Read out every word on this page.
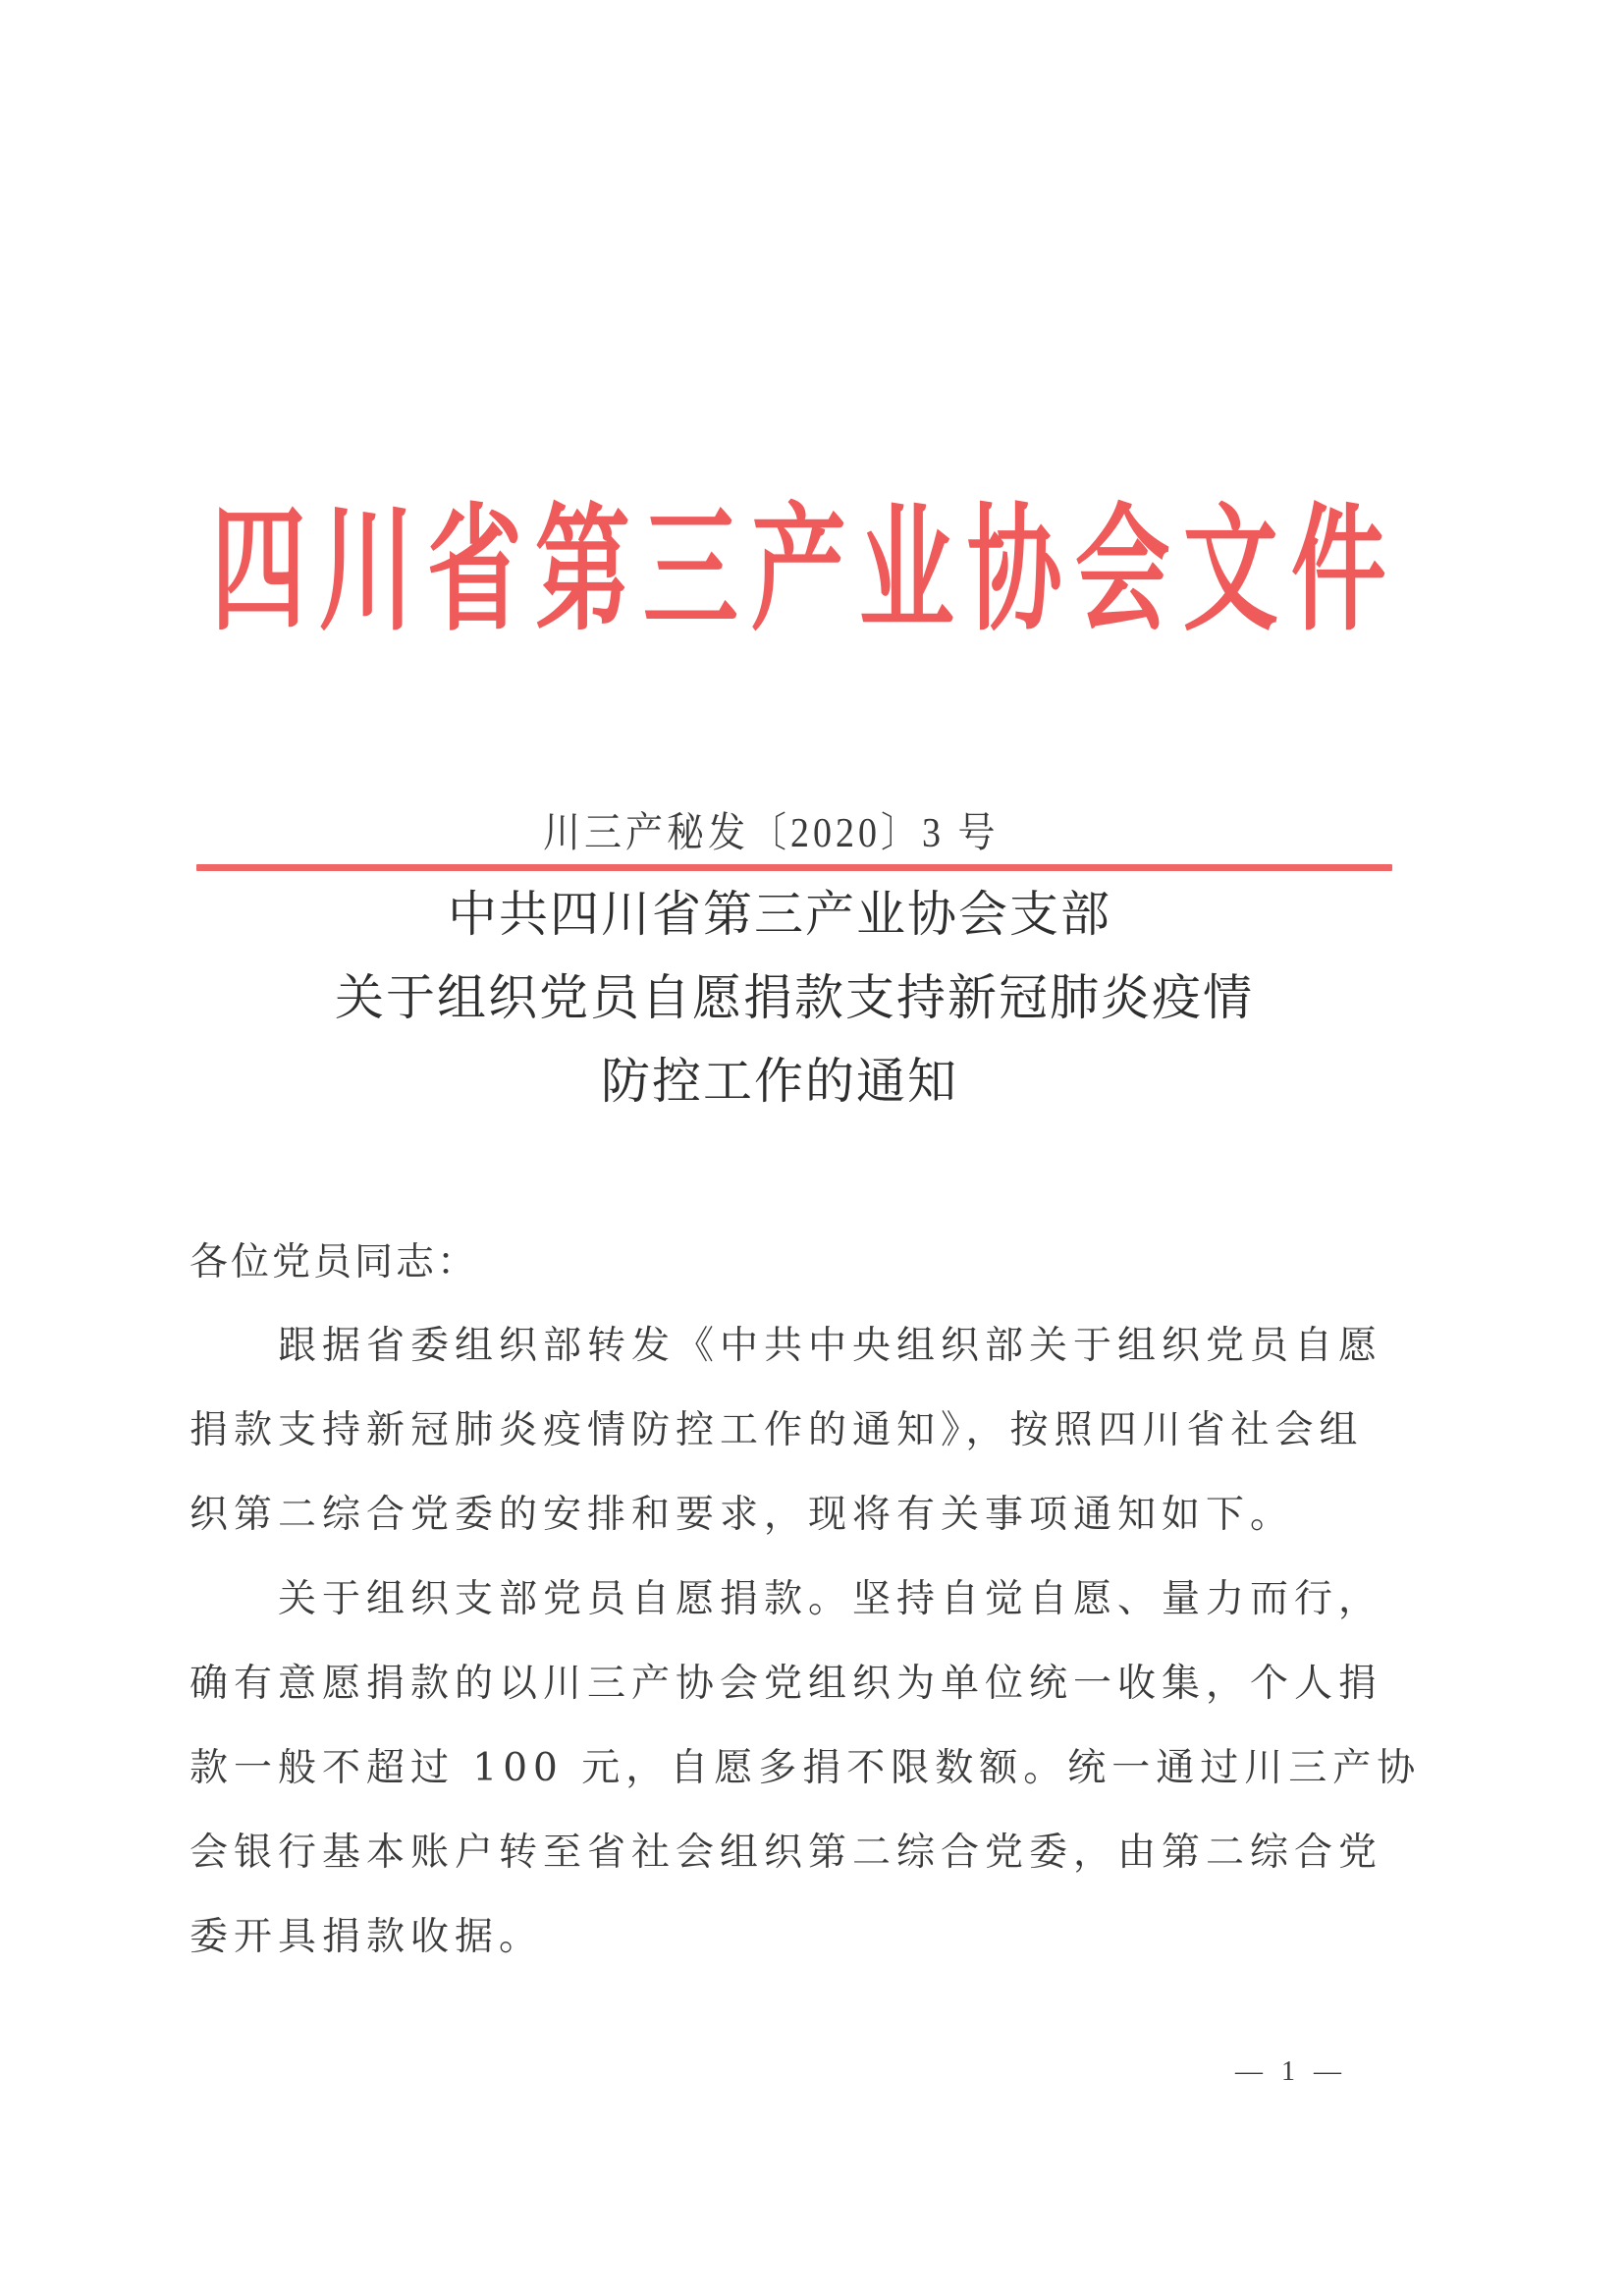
四 川 省 第 三 产 业 协 会 文 件
川三产秘发〔2020〕3 号
中共四川省第三产业协会支部
关于组织党员自愿捐款支持新冠肺炎疫情
防控工作的通知
各位党员同志：
跟据省委组织部转发《中共中央组织部关于组织党员自愿
捐款支持新冠肺炎疫情防控工作的通知》，按照四川省社会组
织第二综合党委的安排和要求，现将有关事项通知如下。
关于组织支部党员自愿捐款。坚持自觉自愿、量力而行，
确有意愿捐款的以川三产协会党组织为单位统一收集，个人捐
款一般不超过 100 元，自愿多捐不限数额。统一通过川三产协
会银行基本账户转至省社会组织第二综合党委，由第二综合党
委开具捐款收据。
— 1 —
